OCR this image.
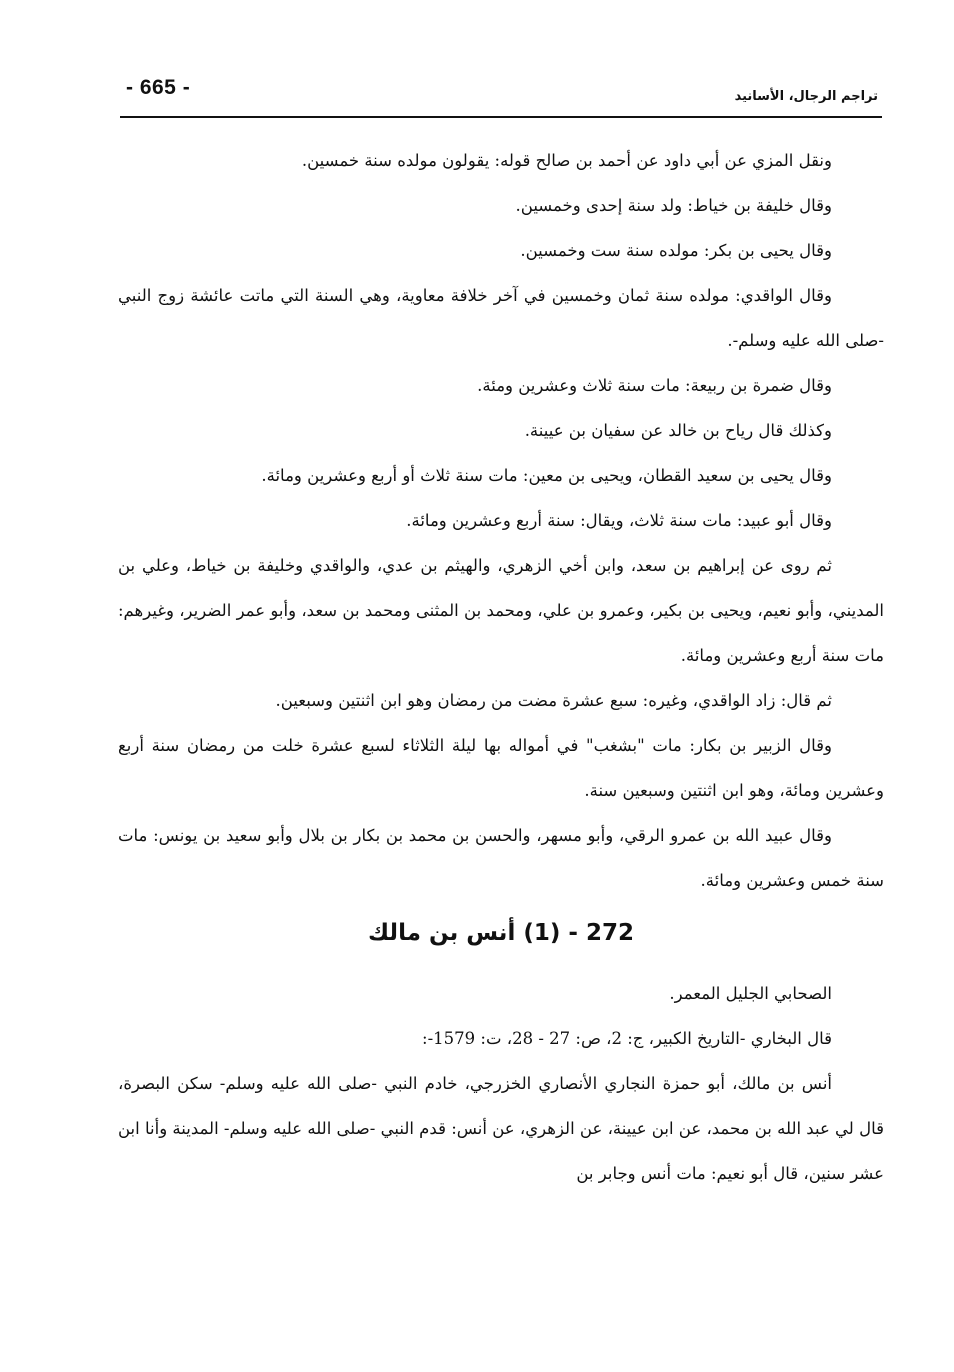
- 665 -	تراجم الرجال، الأسانيد

ونقل المزي عن أبي داود عن أحمد بن صالح قوله: يقولون مولده سنة خمسين.

وقال خليفة بن خياط: ولد سنة إحدى وخمسين.

وقال يحيى بن بكر: مولده سنة ست وخمسين.

وقال الواقدي: مولده سنة ثمان وخمسين في آخر خلافة معاوية، وهي السنة التي ماتت عائشة زوج النبي -صلى الله عليه وسلم-.

وقال ضمرة بن ربيعة: مات سنة ثلاث وعشرين ومئة.

وكذلك قال رياح بن خالد عن سفيان بن عيينة.

وقال يحيى بن سعيد القطان، ويحيى بن معين: مات سنة ثلاث أو أربع وعشرين ومائة.

وقال أبو عبيد: مات سنة ثلاث، ويقال: سنة أربع وعشرين ومائة.

ثم روى عن إبراهيم بن سعد، وابن أخي الزهري، والهيثم بن عدي، والواقدي وخليفة بن خياط، وعلي بن المديني، وأبو نعيم، ويحيى بن بكير، وعمرو بن علي، ومحمد بن المثنى ومحمد بن سعد، وأبو عمر الضرير، وغيرهم: مات سنة أربع وعشرين ومائة.

ثم قال: زاد الواقدي، وغيره: سبع عشرة مضت من رمضان وهو ابن اثنتين وسبعين.

وقال الزبير بن بكار: مات "بشغب" في أمواله بها ليلة الثلاثاء لسبع عشرة خلت من رمضان سنة أربع وعشرين ومائة، وهو ابن اثنتين وسبعين سنة.

وقال عبيد الله بن عمرو الرقي، وأبو مسهر، والحسن بن محمد بن بكار بن بلال وأبو سعيد بن يونس: مات سنة خمس وعشرين ومائة.

272 - (1) أنس بن مالك

الصحابي الجليل المعمر.

قال البخاري -التاريخ الكبير، ج: 2، ص: 27 - 28، ت: 1579-:

أنس بن مالك، أبو حمزة النجاري الأنصاري الخزرجي، خادم النبي -صلى الله عليه وسلم- سكن البصرة، قال لي عبد الله بن محمد، عن ابن عيينة، عن الزهري، عن أنس: قدم النبي -صلى الله عليه وسلم- المدينة وأنا ابن عشر سنين، قال أبو نعيم: مات أنس وجابر بن
